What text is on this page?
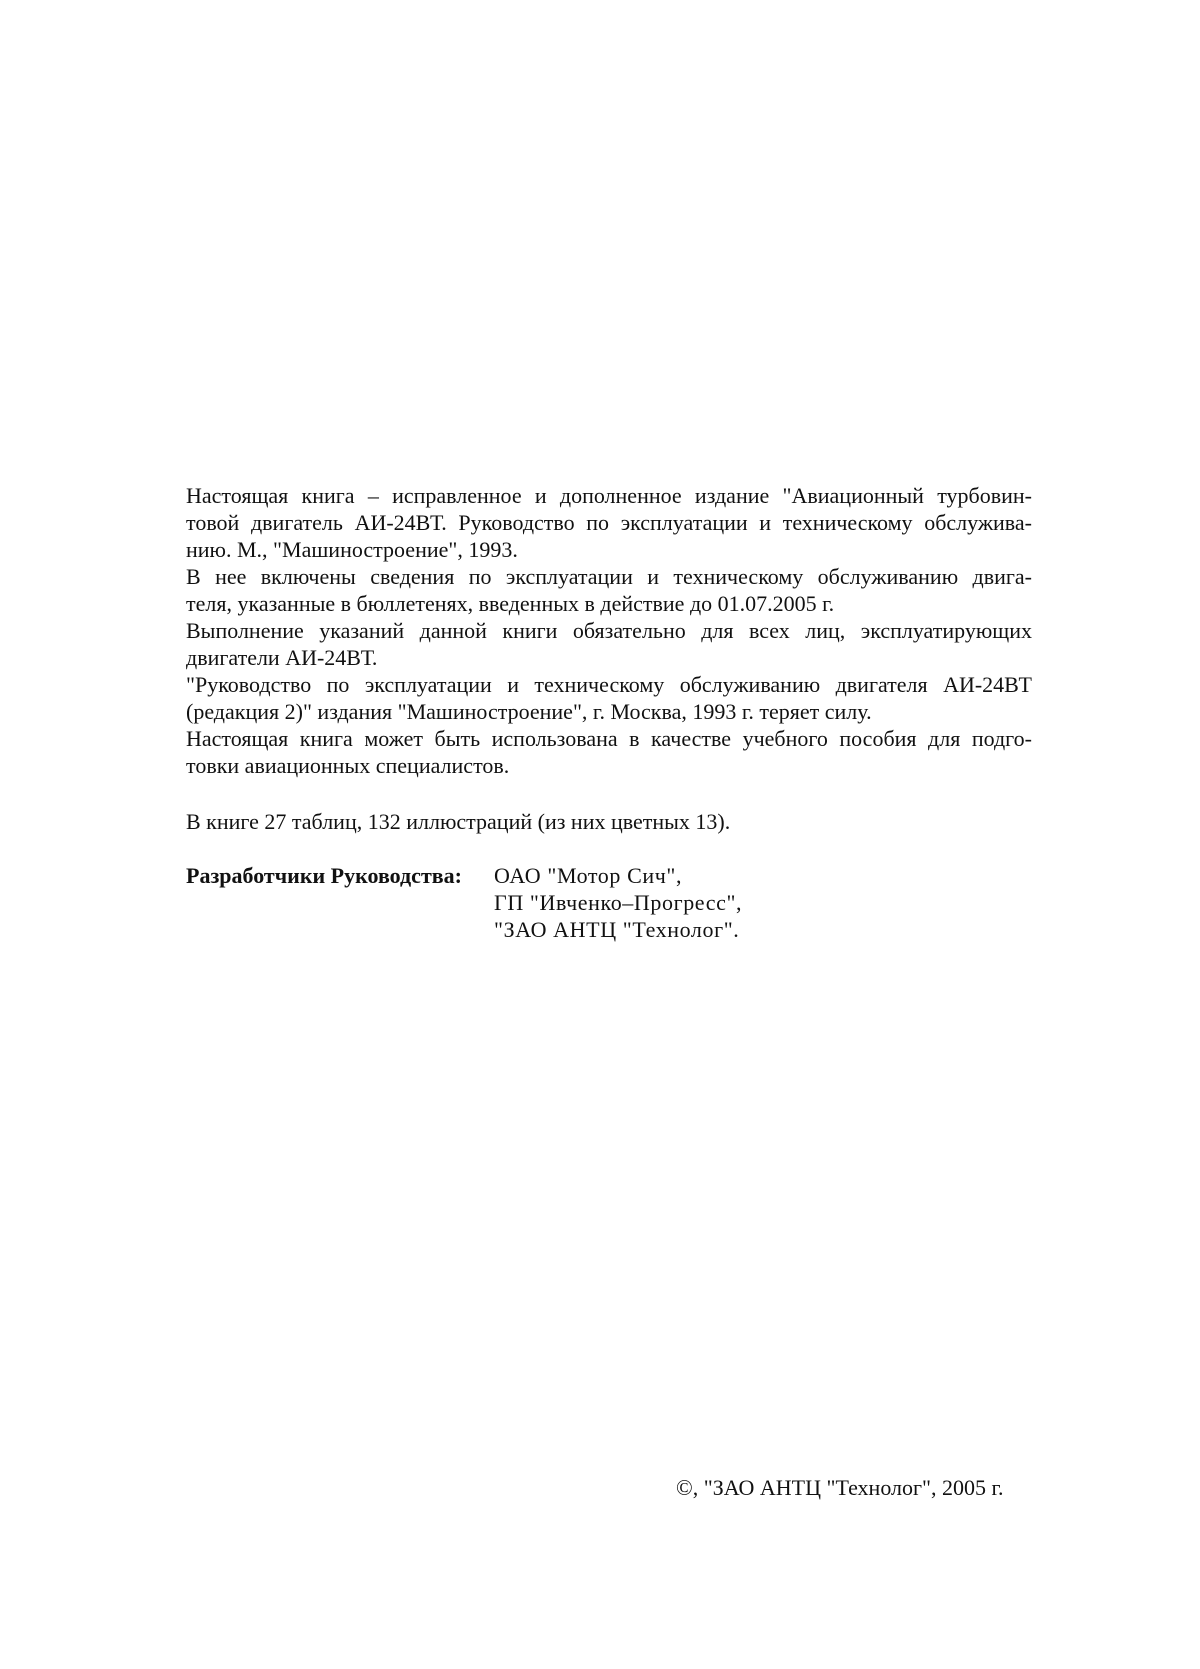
Настоящая книга – исправленное и дополненное издание "Авиационный турбовин-
товой двигатель АИ-24ВТ. Руководство по эксплуатации и техническому обслужива-
нию. М., "Машиностроение", 1993.

В нее включены сведения по эксплуатации и техническому обслуживанию двига-
теля, указанные в бюллетенях, введенных в действие до 01.07.2005 г.

Выполнение указаний данной книги обязательно для всех лиц, эксплуатирующих
двигатели АИ-24ВТ.

"Руководство по эксплуатации и техническому обслуживанию двигателя АИ-24ВТ
(редакция 2)" издания "Машиностроение", г. Москва, 1993 г. теряет силу.

Настоящая книга может быть использована в качестве учебного пособия для подго-
товки авиационных специалистов.

В книге 27 таблиц, 132 иллюстраций (из них цветных 13).
Разработчики Руководства: ОАО "Мотор Сич",
ГП "Ивченко–Прогресс",
"ЗАО АНТЦ "Технолог".
©, "ЗАО АНТЦ "Технолог", 2005 г.
